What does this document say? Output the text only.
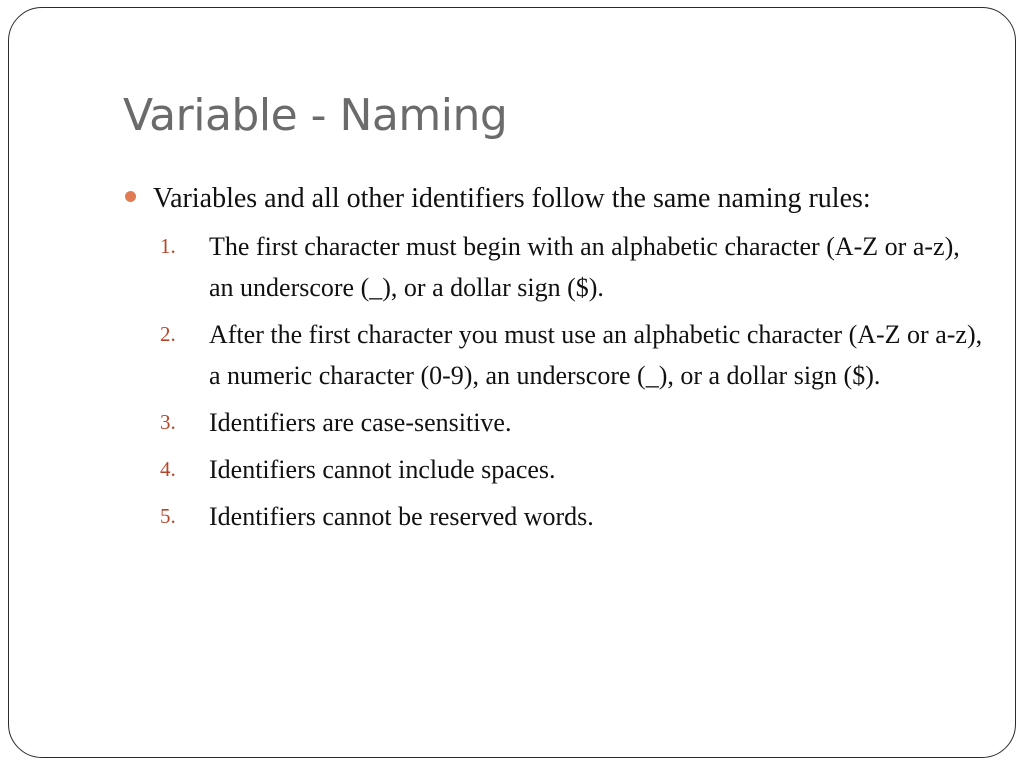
Variable - Naming
Variables and all other identifiers follow the same naming rules:
1. The first character must begin with an alphabetic character (A-Z or a-z), an underscore (_), or a dollar sign ($).
2. After the first character you must use an alphabetic character (A-Z or a-z), a numeric character (0-9), an underscore (_), or a dollar sign ($).
3. Identifiers are case-sensitive.
4. Identifiers cannot include spaces.
5. Identifiers cannot be reserved words.
